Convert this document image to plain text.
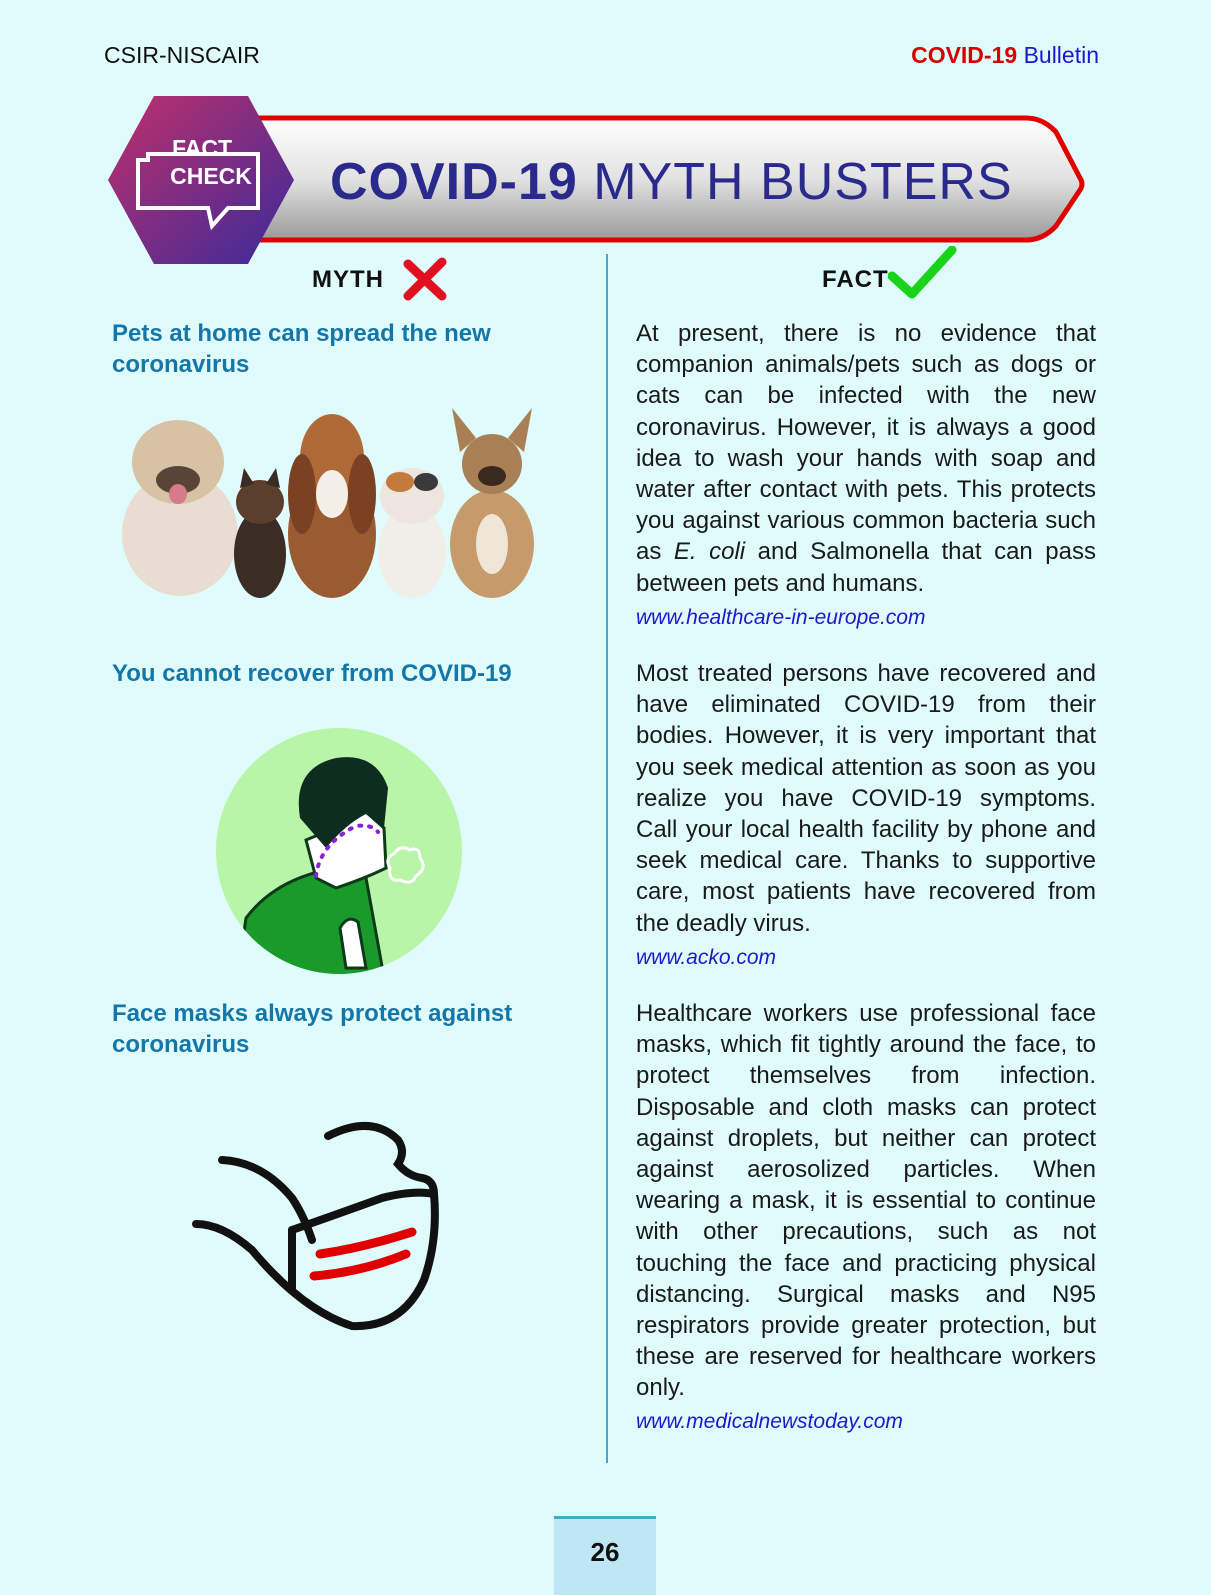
CSIR-NISCAIR	COVID-19 Bulletin
FACT
CHECK COVID-19 MYTH BUSTERS
MYTH	FACT
Pets at home can spread the new coronavirus
At present, there is no evidence that companion animals/pets such as dogs or cats can be infected with the new coronavirus. However, it is always a good idea to wash your hands with soap and water after contact with pets. This protects you against various common bacteria such as E. coli and Salmonella that can pass between pets and humans.
www.healthcare-in-europe.com
You cannot recover from COVID-19	Most treated persons have recovered and have eliminated COVID-19 from their bodies. However, it is very important that you seek medical attention as soon as you realize you have COVID-19 symptoms. Call your local health facility by phone and seek medical care. Thanks to supportive care, most patients have recovered from the deadly virus.
www.acko.com
Face masks always protect against coronavirus
Healthcare workers use professional face masks, which fit tightly around the face, to protect themselves from infection. Disposable and cloth masks can protect against droplets, but neither can protect against aerosolized particles. When wearing a mask, it is essential to continue with other precautions, such as not touching the face and practicing physical distancing. Surgical masks and N95 respirators provide greater protection, but these are reserved for healthcare workers only.
www.medicalnewstoday.com
26
